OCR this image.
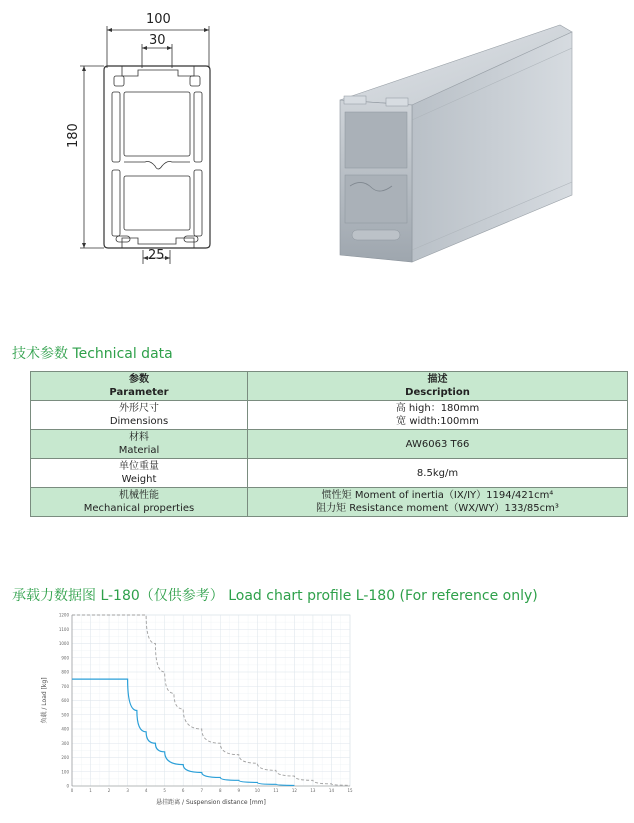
100
30
180
25
技术参数 Technical data
参数
Parameter	描述
Description

外形尺寸
Dimensions	高 high：180mm
宽 width:100mm

材料
Material	AW6063 T66

单位重量
Weight	8.5kg/m

机械性能
Mechanical properties	惯性矩 Moment of inertia（IX/IY）1194/421cm⁴
阻力矩 Resistance moment（WX/WY）133/85cm³
承载力数据图 L-180（仅供参考） Load chart profile L-180 (For reference only)
0	1	2	3	4	5	6	7	8	9	10	11	12	13	14	15
0
100
200
300
400
500
600
700
800
900
1000
1100
1200
悬挂距离 / Suspension distance [mm]
负载 / Load [kg]
